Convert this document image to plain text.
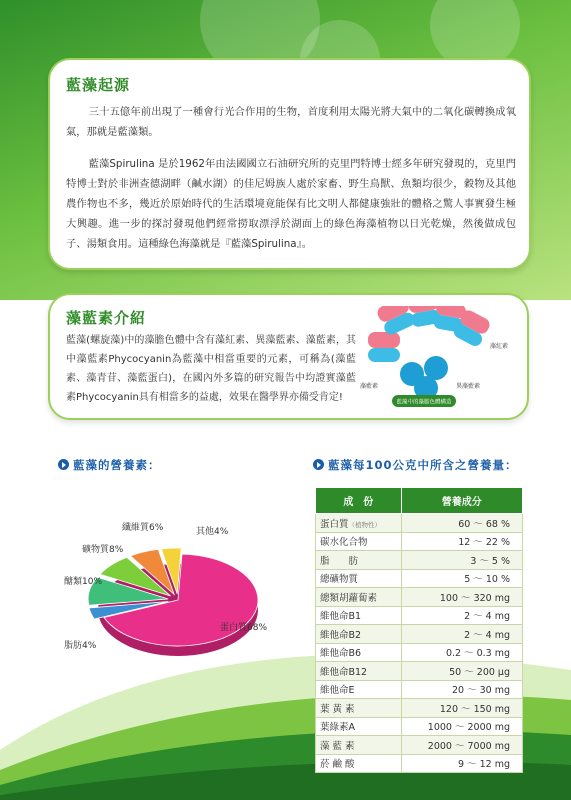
藍藻起源
三十五億年前出現了一種會行光合作用的生物，首度利用太陽光將大氣中的二氧化碳轉換成氧氣，那就是藍藻類。
藍藻Spirulina 是於1962年由法國國立石油研究所的克里門特博士經多年研究發現的，克里門特博士對於非洲查德湖畔（鹹水湖）的佳尼姆族人處於家畜、野生鳥獸、魚類均很少，穀物及其他農作物也不多，幾近於原始時代的生活環境竟能保有比文明人都健康強壯的體格之驚人事實發生極大興趣。進一步的探討發現他們經常撈取漂浮於湖面上的綠色海藻植物以日光乾燥，然後做成包子、湯類食用。這種綠色海藻就是『藍藻Spirulina』。
藻藍素介紹
藍藻(螺旋藻)中的藻膽色體中含有藻紅素、異藻藍素、藻藍素，其中藻藍素Phycocyanin為藍藻中相當重要的元素，可稱為(藻藍素、藻青苷、藻藍蛋白)，在國內外多篇的研究報告中均證實藻藍素Phycocyanin具有相當多的益處，效果在醫學界亦備受肯定!
藻紅素
藻藍素	異藻藍素
藍藻中的藻膽色體構造
藍藻的營養素：	藍藻每100公克中所含之營養量：
蛋白質68%
脂肪4%
醣類10%
礦物質8%
纖維質6%	其他4%
成　份	營養成分
蛋白質（植物性）	60 ～ 68 %
碳水化合物	12 ～ 22 %
脂　　肪	3 ～ 5 %
總礦物質	5 ～ 10 %
總類胡蘿蔔素	100 ～ 320 mg
維他命B1	2 ～ 4 mg
維他命B2	2 ～ 4 mg
維他命B6	0.2 ～ 0.3 mg
維他命B12	50 ～ 200 μg
維他命E	20 ～ 30 mg
葉 黃 素	120 ～ 150 mg
葉綠素A	1000 ～ 2000 mg
藻 藍 素	2000 ～ 7000 mg
菸 鹼 酸	9 ～ 12 mg
